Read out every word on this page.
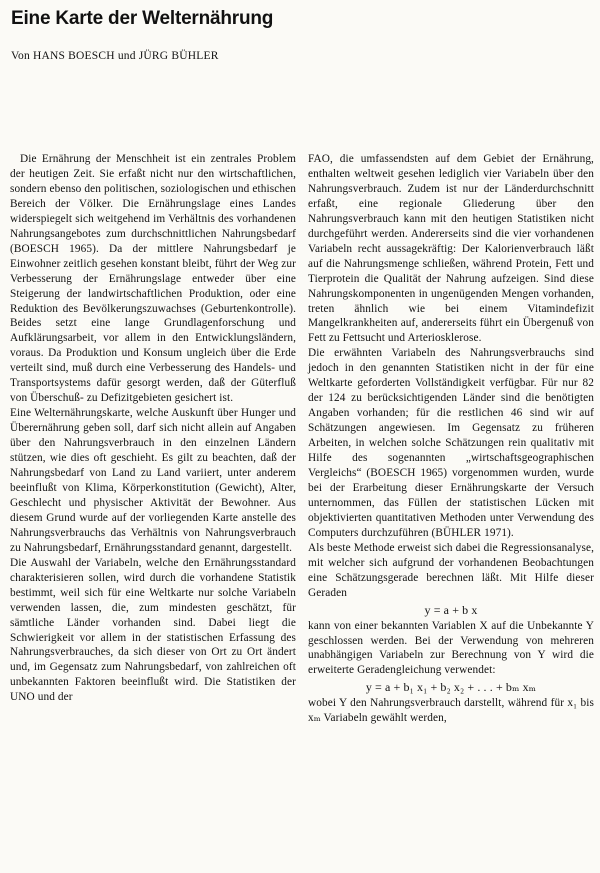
Eine Karte der Welternährung
Von HANS BOESCH und JÜRG BÜHLER

Die Ernährung der Menschheit ist ein zentrales Problem der heutigen Zeit. Sie erfaßt nicht nur den wirtschaftlichen, sondern ebenso den politischen, soziologischen und ethischen Bereich der Völker. Die Ernährungslage eines Landes widerspiegelt sich weitgehend im Verhältnis des vorhandenen Nahrungsangebotes zum durchschnittlichen Nahrungsbedarf (BOESCH 1965). Da der mittlere Nahrungsbedarf je Einwohner zeitlich gesehen konstant bleibt, führt der Weg zur Verbesserung der Ernährungslage entweder über eine Steigerung der landwirtschaftlichen Produktion, oder eine Reduktion des Bevölkerungszuwachses (Geburtenkontrolle). Beides setzt eine lange Grundlagenforschung und Aufklärungsarbeit, vor allem in den Entwicklungsländern, voraus. Da Produktion und Konsum ungleich über die Erde verteilt sind, muß durch eine Verbesserung des Handels- und Transportsystems dafür gesorgt werden, daß der Güterfluß von Überschuß- zu Defizitgebieten gesichert ist.

Eine Welternährungskarte, welche Auskunft über Hunger und Überernährung geben soll, darf sich nicht allein auf Angaben über den Nahrungsverbrauch in den einzelnen Ländern stützen, wie dies oft geschieht. Es gilt zu beachten, daß der Nahrungsbedarf von Land zu Land variiert, unter anderem beeinflußt von Klima, Körperkonstitution (Gewicht), Alter, Geschlecht und physischer Aktivität der Bewohner. Aus diesem Grund wurde auf der vorliegenden Karte anstelle des Nahrungsverbrauchs das Verhältnis von Nahrungsverbrauch zu Nahrungsbedarf, Ernährungsstandard genannt, dargestellt.

Die Auswahl der Variabeln, welche den Ernährungsstandard charakterisieren sollen, wird durch die vorhandene Statistik bestimmt, weil sich für eine Weltkarte nur solche Variabeln verwenden lassen, die, zum mindesten geschätzt, für sämtliche Länder vorhanden sind. Dabei liegt die Schwierigkeit vor allem in der statistischen Erfassung des Nahrungsverbrauches, da sich dieser von Ort zu Ort ändert und, im Gegensatz zum Nahrungsbedarf, von zahlreichen oft unbekannten Faktoren beeinflußt wird. Die Statistiken der UNO und der

FAO, die umfassendsten auf dem Gebiet der Ernährung, enthalten weltweit gesehen lediglich vier Variabeln über den Nahrungsverbrauch. Zudem ist nur der Länderdurchschnitt erfaßt, eine regionale Gliederung über den Nahrungsverbrauch kann mit den heutigen Statistiken nicht durchgeführt werden. Andererseits sind die vier vorhandenen Variabeln recht aussagekräftig: Der Kalorienverbrauch läßt auf die Nahrungsmenge schließen, während Protein, Fett und Tierprotein die Qualität der Nahrung aufzeigen. Sind diese Nahrungskomponenten in ungenügenden Mengen vorhanden, treten ähnlich wie bei einem Vitamindefizit Mangelkrankheiten auf, andererseits führt ein Übergenuß von Fett zu Fettsucht und Arteriosklerose.

Die erwähnten Variabeln des Nahrungsverbrauchs sind jedoch in den genannten Statistiken nicht in der für eine Weltkarte geforderten Vollständigkeit verfügbar. Für nur 82 der 124 zu berücksichtigenden Länder sind die benötigten Angaben vorhanden; für die restlichen 46 sind wir auf Schätzungen angewiesen. Im Gegensatz zu früheren Arbeiten, in welchen solche Schätzungen rein qualitativ mit Hilfe des sogenannten „wirtschaftsgeographischen Vergleichs“ (BOESCH 1965) vorgenommen wurden, wurde bei der Erarbeitung dieser Ernährungskarte der Versuch unternommen, das Füllen der statistischen Lücken mit objektivierten quantitativen Methoden unter Verwendung des Computers durchzuführen (BÜHLER 1971).

Als beste Methode erweist sich dabei die Regressionsanalyse, mit welcher sich aufgrund der vorhandenen Beobachtungen eine Schätzungsgerade berechnen läßt. Mit Hilfe dieser Geraden

y = a + b x

kann von einer bekannten Variablen X auf die Unbekannte Y geschlossen werden. Bei der Verwendung von mehreren unabhängigen Variabeln zur Berechnung von Y wird die erweiterte Geradengleichung verwendet:

y = a + b₁ x₁ + b₂ x₂ + . . . + bₘ xₘ

wobei Y den Nahrungsverbrauch darstellt, während für x₁ bis xₘ Variabeln gewählt werden,
